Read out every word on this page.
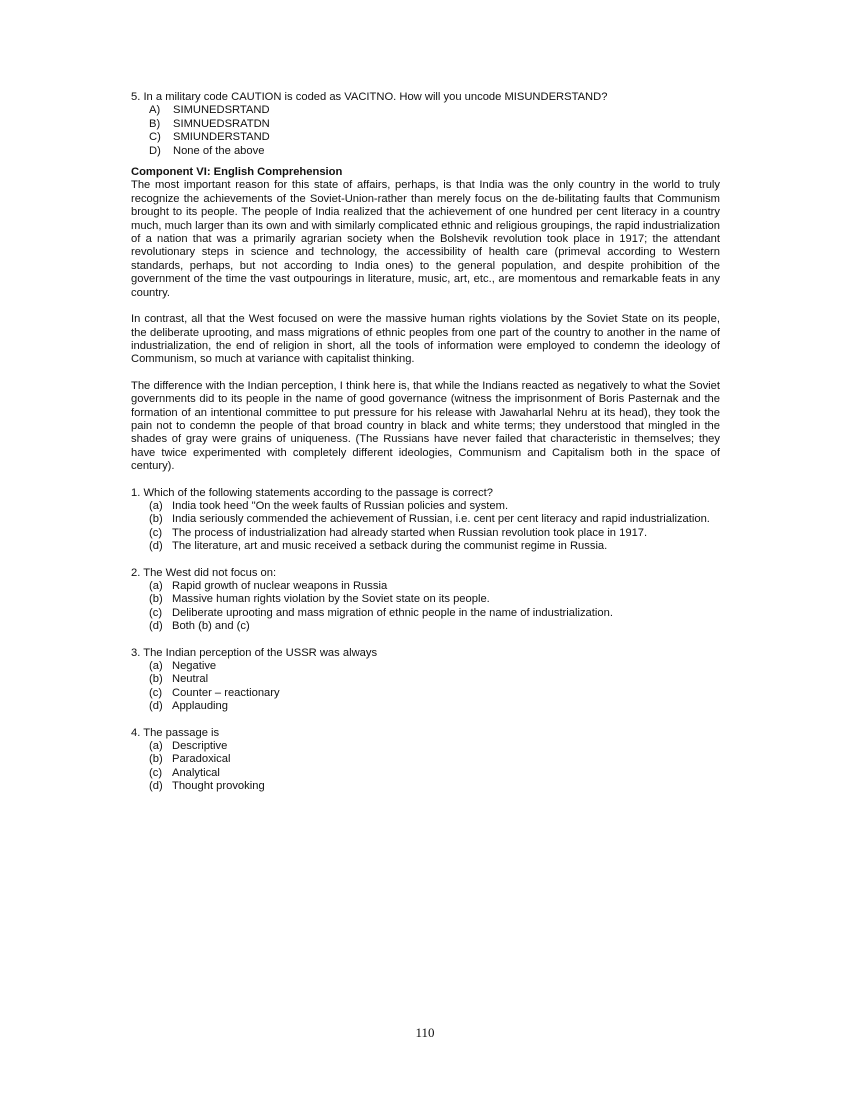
5. In a military code CAUTION is coded as VACITNO. How will you uncode MISUNDERSTAND?

A)	SIMUNEDSRTAND
B)	SIMNUEDSRATDN
C)	SMIUNDERSTAND
D)	None of the above

Component VI: English Comprehension

The most important reason for this state of affairs, perhaps, is that India was the only country in the world to truly recognize the achievements of the Soviet-Union-rather than merely focus on the de-bilitating faults that Communism brought to its people. The people of India realized that the achievement of one hundred per cent literacy in a country much, much larger than its own and with similarly complicated ethnic and religious groupings, the rapid industrialization of a nation that was a primarily agrarian society when the Bolshevik revolution took place in 1917; the attendant revolutionary steps in science and technology, the accessibility of health care (primeval according to Western standards, perhaps, but not according to India ones) to the general population, and despite prohibition of the government of the time the vast outpourings in literature, music, art, etc., are momentous and remarkable feats in any country.

In contrast, all that the West focused on were the massive human rights violations by the Soviet State on its people, the deliberate uprooting, and mass migrations of ethnic peoples from one part of the country to another in the name of industrialization, the end of religion in short, all the tools of information were employed to condemn the ideology of Communism, so much at variance with capitalist thinking.

The difference with the Indian perception, I think here is, that while the Indians reacted as negatively to what the Soviet governments did to its people in the name of good governance (witness the imprisonment of Boris Pasternak and the formation of an intentional committee to put pressure for his release with Jawaharlal Nehru at its head), they took the pain not to condemn the people of that broad country in black and white terms; they understood that mingled in the shades of gray were grains of uniqueness. (The Russians have never failed that characteristic in themselves; they have twice experimented with completely different ideologies, Communism and Capitalism both in the space of century).

1. Which of the following statements according to the passage is correct?

(a) India took heed "On the week faults of Russian policies and system.
(b) India seriously commended the achievement of Russian, i.e. cent per cent literacy and rapid industrialization.
(c) The process of industrialization had already started when Russian revolution took place in 1917.
(d) The literature, art and music received a setback during the communist regime in Russia.

2. The West did not focus on:

(a) Rapid growth of nuclear weapons in Russia
(b) Massive human rights violation by the Soviet state on its people.
(c) Deliberate uprooting and mass migration of ethnic people in the name of industrialization.
(d) Both (b) and (c)

3. The Indian perception of the USSR was always

(a) Negative
(b) Neutral
(c) Counter – reactionary
(d) Applauding

4. The passage is

(a) Descriptive
(b) Paradoxical
(c) Analytical
(d) Thought provoking
110
